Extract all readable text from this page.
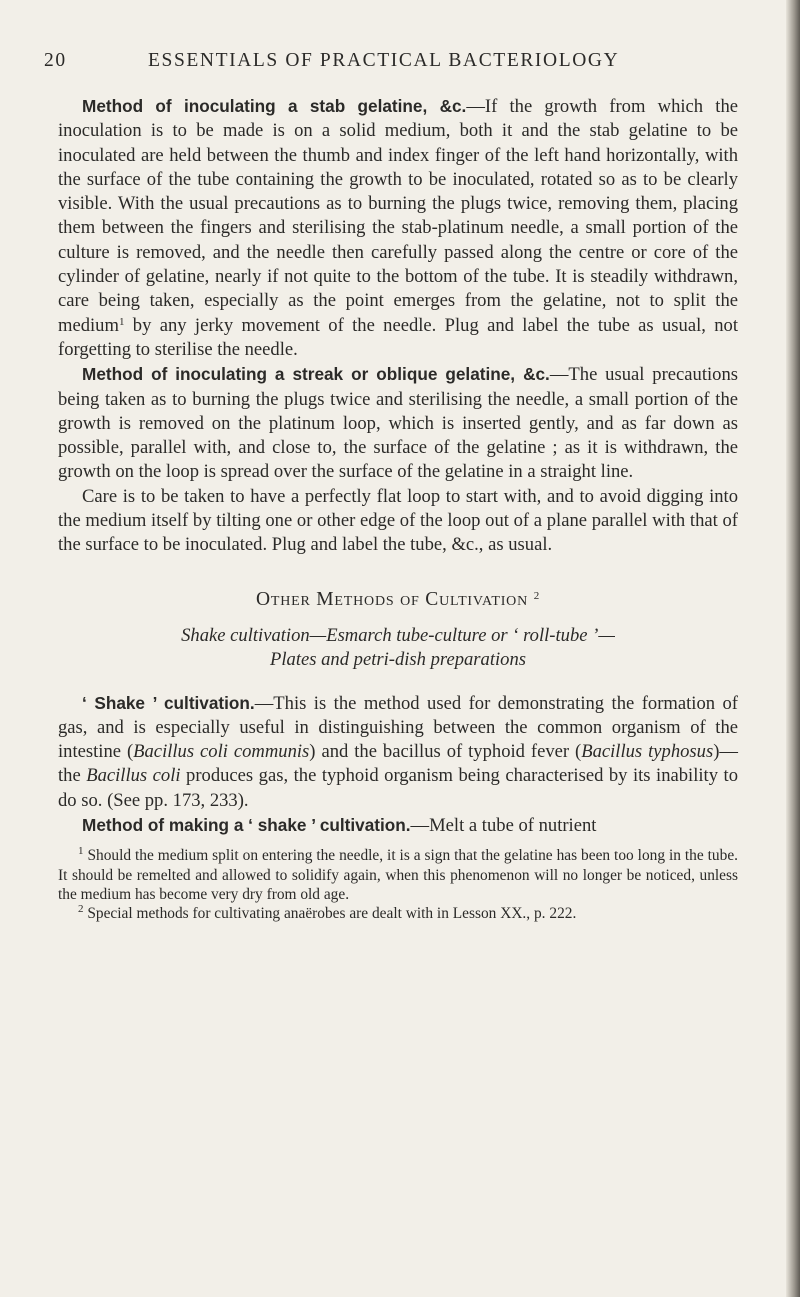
20	ESSENTIALS OF PRACTICAL BACTERIOLOGY

Method of inoculating a stab gelatine, &c.—If the growth from which the inoculation is to be made is on a solid medium, both it and the stab gelatine to be inoculated are held between the thumb and index finger of the left hand horizontally, with the surface of the tube containing the growth to be inoculated, rotated so as to be clearly visible. With the usual precautions as to burning the plugs twice, removing them, placing them between the fingers and sterilising the stab-platinum needle, a small portion of the culture is removed, and the needle then carefully passed along the centre or core of the cylinder of gelatine, nearly if not quite to the bottom of the tube. It is steadily withdrawn, care being taken, especially as the point emerges from the gelatine, not to split the medium$^1$ by any jerky movement of the needle. Plug and label the tube as usual, not forgetting to sterilise the needle.

Method of inoculating a streak or oblique gelatine, &c.—The usual precautions being taken as to burning the plugs twice and sterilising the needle, a small portion of the growth is removed on the platinum loop, which is inserted gently, and as far down as possible, parallel with, and close to, the surface of the gelatine ; as it is withdrawn, the growth on the loop is spread over the surface of the gelatine in a straight line.

Care is to be taken to have a perfectly flat loop to start with, and to avoid digging into the medium itself by tilting one or other edge of the loop out of a plane parallel with that of the surface to be inoculated. Plug and label the tube, &c., as usual.

Other Methods of Cultivation $^2$
Shake cultivation—Esmarch tube-culture or ‘ roll-tube ’—
Plates and petri-dish preparations

‘ Shake ’ cultivation.—This is the method used for demonstrating the formation of gas, and is especially useful in distinguishing between the common organism of the intestine (Bacillus coli communis) and the bacillus of typhoid fever (Bacillus typhosus)—the Bacillus coli produces gas, the typhoid organism being characterised by its inability to do so. (See pp. 173, 233).

Method of making a ‘ shake ’ cultivation.—Melt a tube of nutrient

$^1$ Should the medium split on entering the needle, it is a sign that the gelatine has been too long in the tube. It should be remelted and allowed to solidify again, when this phenomenon will no longer be noticed, unless the medium has become very dry from old age.

$^2$ Special methods for cultivating anaërobes are dealt with in Lesson XX., p. 222.
